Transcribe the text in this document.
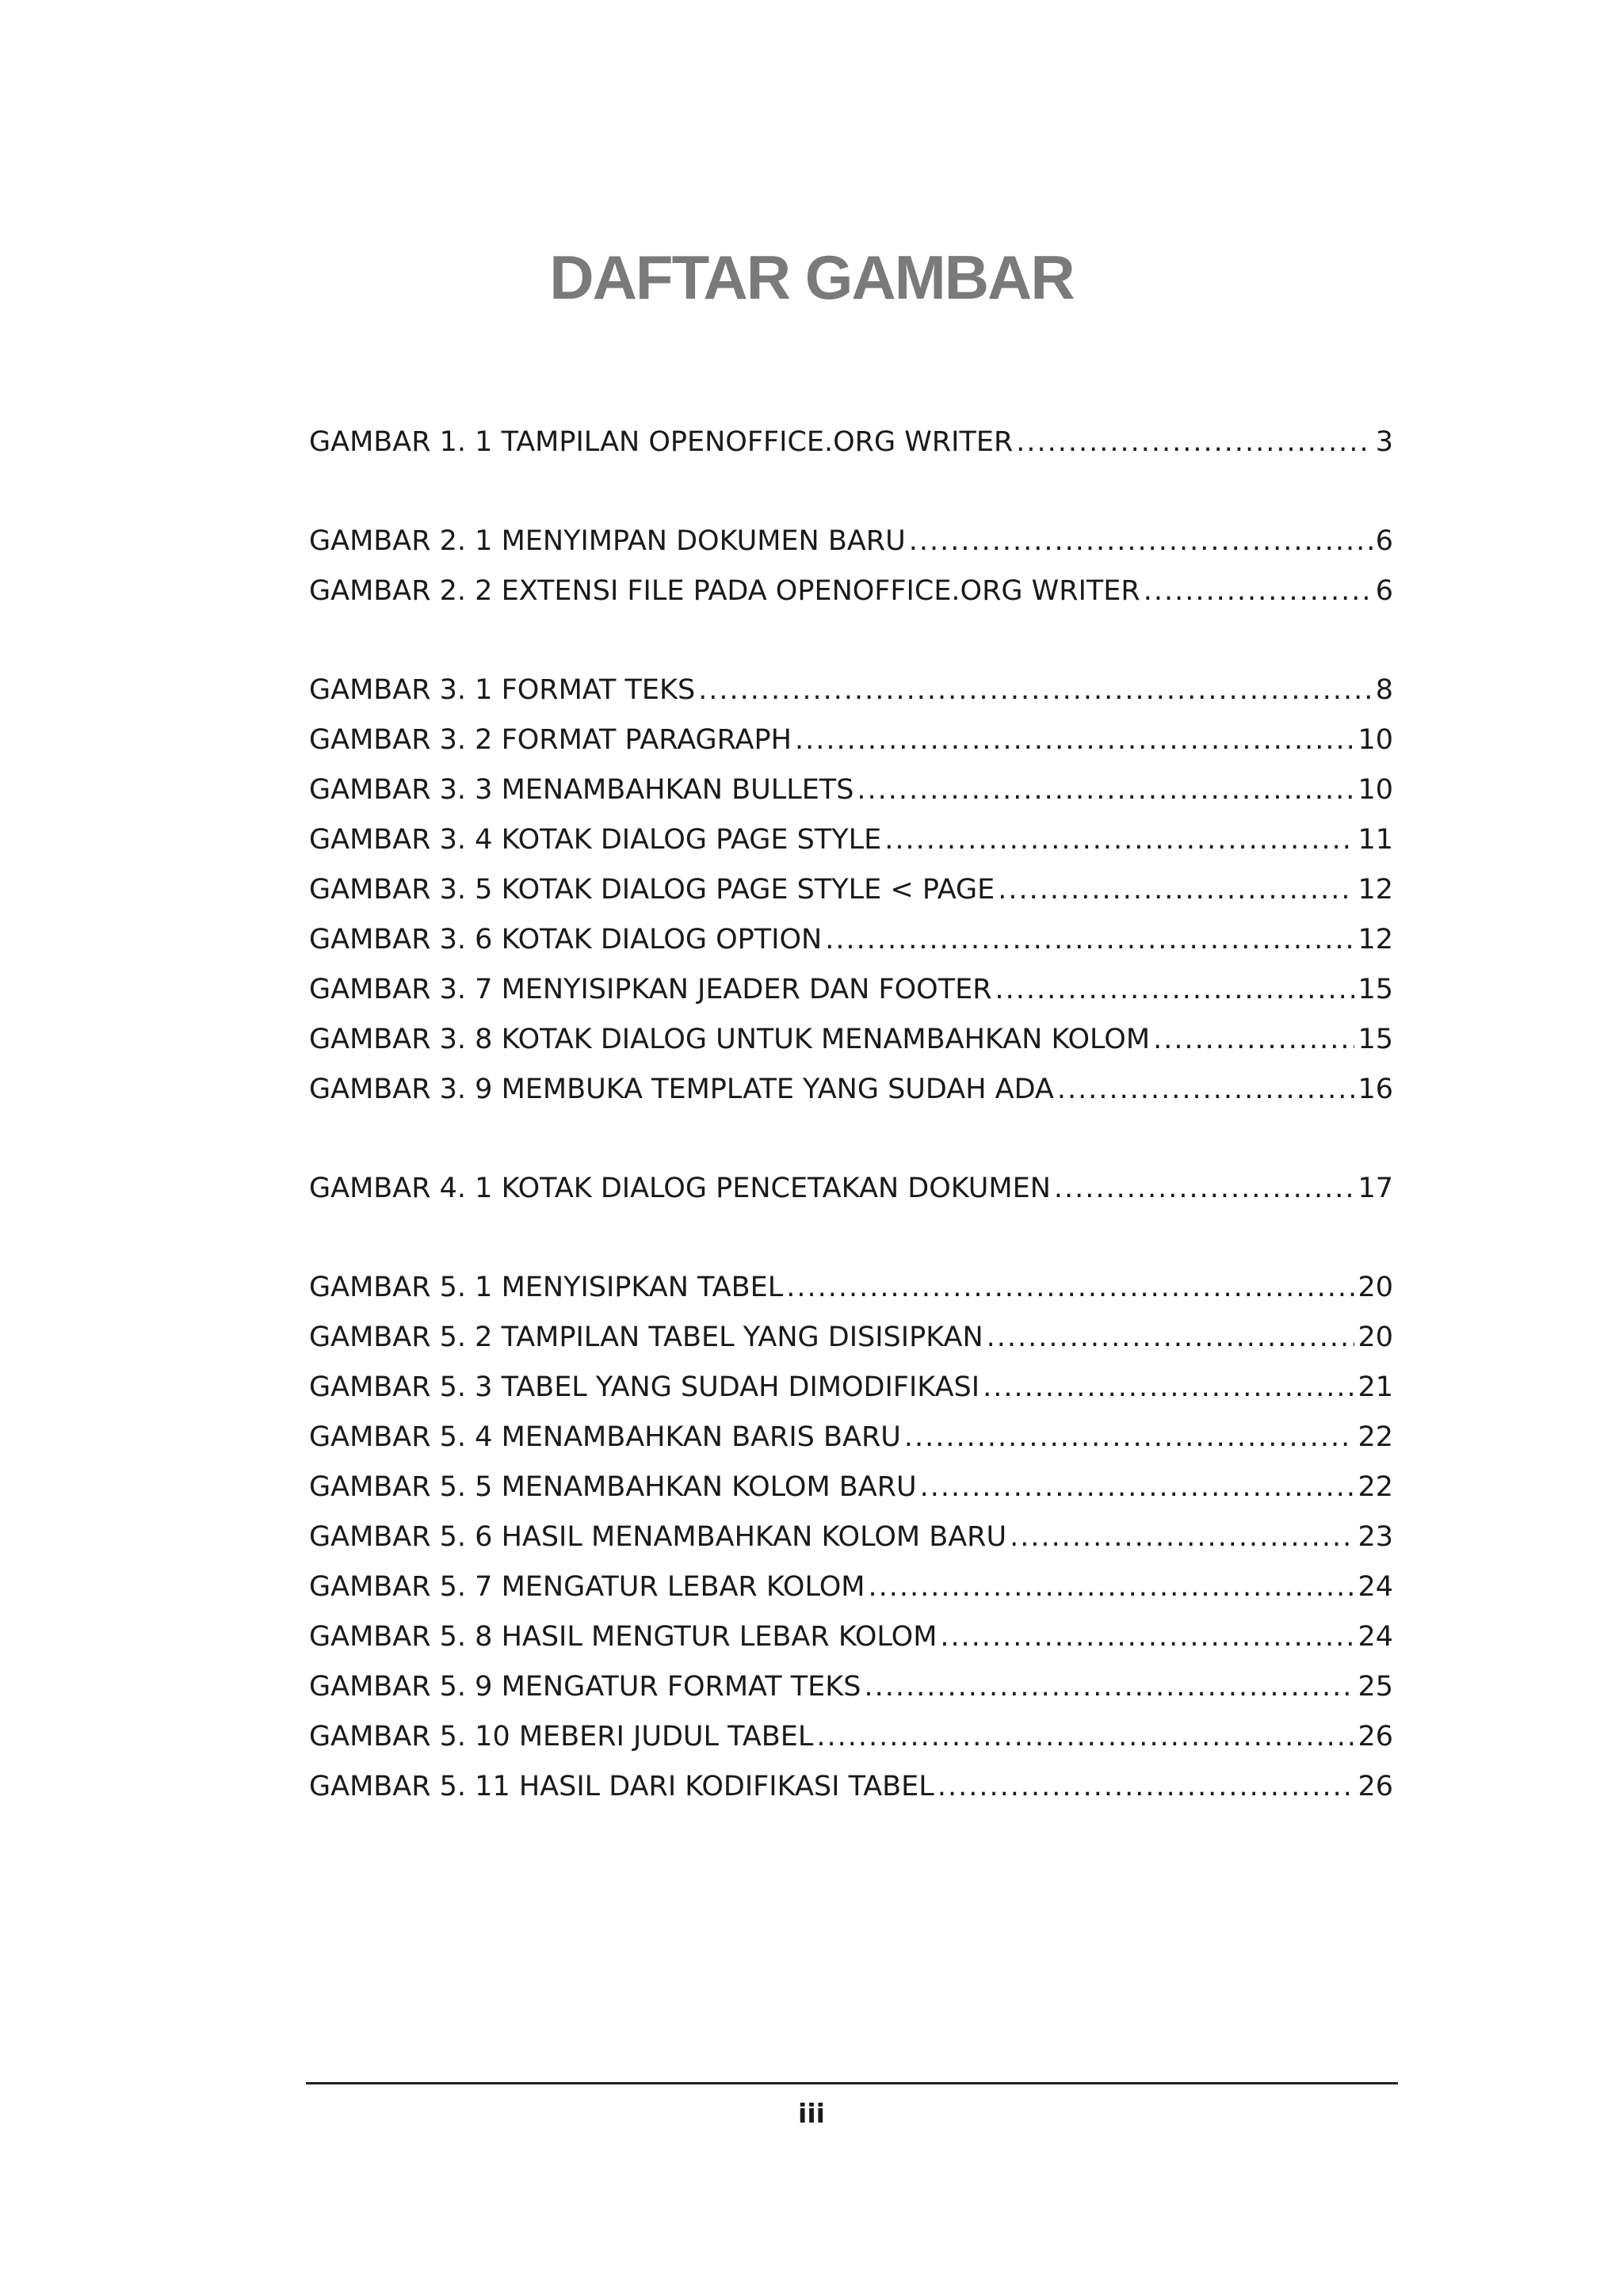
DAFTAR GAMBAR
GAMBAR 1. 1 TAMPILAN OPENOFFICE.ORG WRITER .....	3
GAMBAR 2. 1 MENYIMPAN DOKUMEN BARU .....	6
GAMBAR 2. 2 EXTENSI FILE PADA OPENOFFICE.ORG WRITER .....	6
GAMBAR 3. 1 FORMAT TEKS .....	8
GAMBAR 3. 2 FORMAT PARAGRAPH .....	10
GAMBAR 3. 3 MENAMBAHKAN BULLETS .....	10
GAMBAR 3. 4 KOTAK DIALOG PAGE STYLE .....	11
GAMBAR 3. 5 KOTAK DIALOG PAGE STYLE < PAGE .....	12
GAMBAR 3. 6 KOTAK DIALOG OPTION .....	12
GAMBAR 3. 7 MENYISIPKAN JEADER DAN FOOTER .....	15
GAMBAR 3. 8 KOTAK DIALOG UNTUK MENAMBAHKAN KOLOM .....	15
GAMBAR 3. 9 MEMBUKA TEMPLATE YANG SUDAH ADA .....	16
GAMBAR 4. 1 KOTAK DIALOG PENCETAKAN DOKUMEN .....	17
GAMBAR 5. 1 MENYISIPKAN TABEL .....	20
GAMBAR 5. 2 TAMPILAN TABEL YANG DISISIPKAN .....	20
GAMBAR 5. 3 TABEL YANG SUDAH DIMODIFIKASI .....	21
GAMBAR 5. 4 MENAMBAHKAN BARIS BARU .....	22
GAMBAR 5. 5 MENAMBAHKAN KOLOM BARU .....	22
GAMBAR 5. 6 HASIL MENAMBAHKAN KOLOM BARU .....	23
GAMBAR 5. 7 MENGATUR LEBAR KOLOM .....	24
GAMBAR 5. 8 HASIL MENGTUR LEBAR KOLOM .....	24
GAMBAR 5. 9 MENGATUR FORMAT TEKS .....	25
GAMBAR 5. 10 MEBERI JUDUL TABEL .....	26
GAMBAR 5. 11 HASIL DARI KODIFIKASI TABEL .....	26
iii
